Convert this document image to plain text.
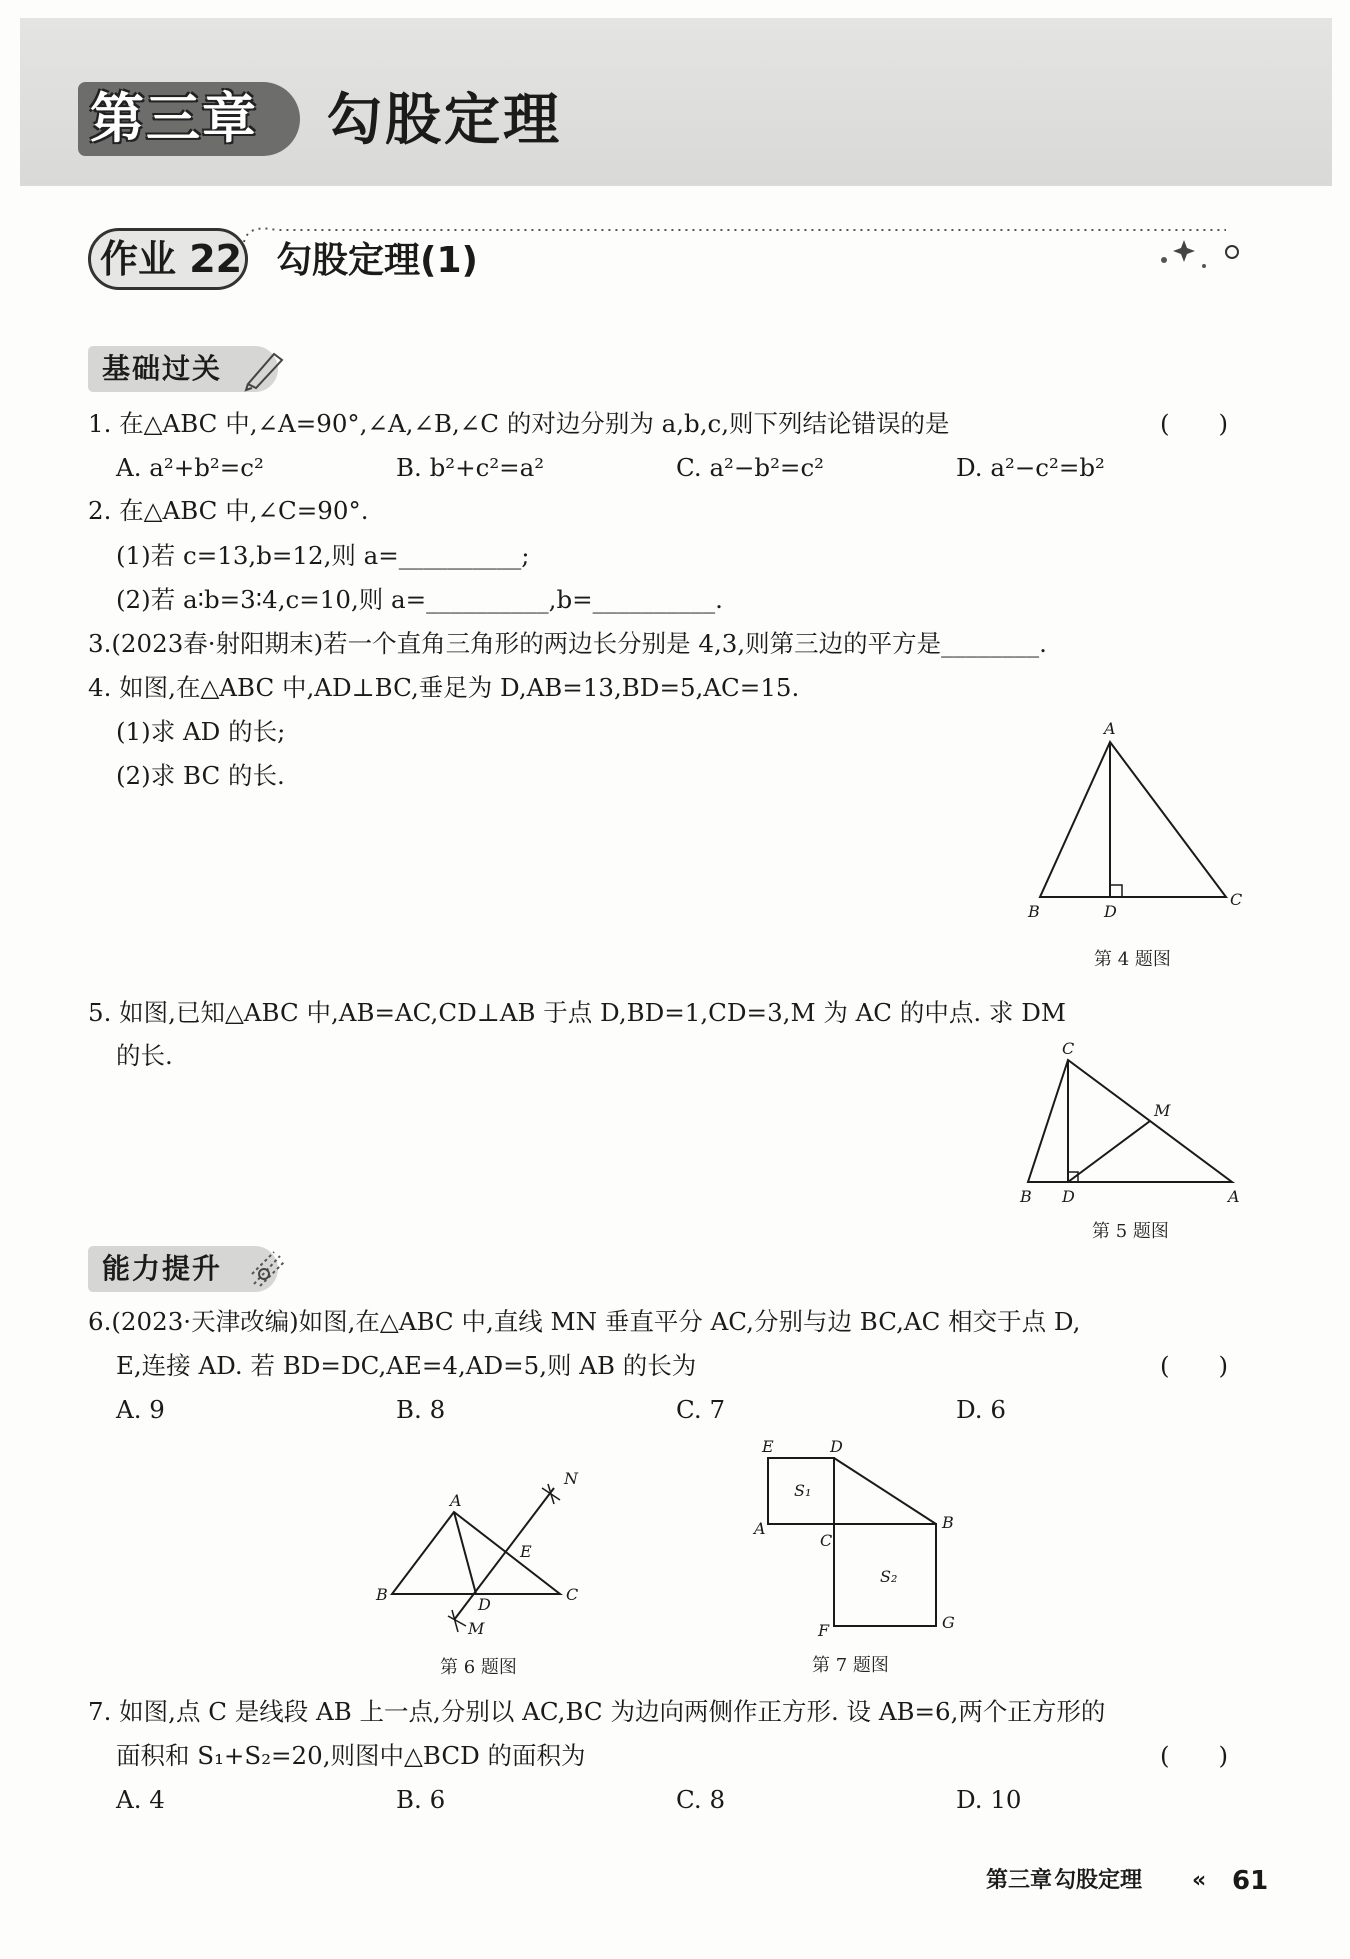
第三章	勾股定理
作业 22 勾股定理(1)
基础过关
1. 在△ABC 中,∠A=90°,∠A,∠B,∠C 的对边分别为 a,b,c,则下列结论错误的是	(　　)
A. a²+b²=c²	B. b²+c²=a²	C. a²−b²=c²	D. a²−c²=b²
2. 在△ABC 中,∠C=90°.
(1)若 c=13,b=12,则 a=__________;
(2)若 a∶b=3∶4,c=10,则 a=__________,b=__________.
3.(2023春·射阳期末)若一个直角三角形的两边长分别是 4,3,则第三边的平方是________.
4. 如图,在△ABC 中,AD⊥BC,垂足为 D,AB=13,BD=5,AC=15.
(1)求 AD 的长;
(2)求 BC 的长.
A
B
C
D
第 4 题图
5. 如图,已知△ABC 中,AB=AC,CD⊥AB 于点 D,BD=1,CD=3,M 为 AC 的中点. 求 DM
的长.	C
B D	A
M
第 5 题图
能力提升
6.(2023·天津改编)如图,在△ABC 中,直线 MN 垂直平分 AC,分别与边 BC,AC 相交于点 D,
E,连接 AD. 若 BD=DC,AE=4,AD=5,则 AB 的长为	(　　)
A. 9	B. 8	C. 7	D. 6
A
B	C
D
E
M
N
第 6 题图
E	D
A	B
C
F	G
S₁
S₂
第 7 题图
7. 如图,点 C 是线段 AB 上一点,分别以 AC,BC 为边向两侧作正方形. 设 AB=6,两个正方形的
面积和 S₁+S₂=20,则图中△BCD 的面积为	(　　)
A. 4	B. 6	C. 8	D. 10
第三章 勾股定理 « 61
